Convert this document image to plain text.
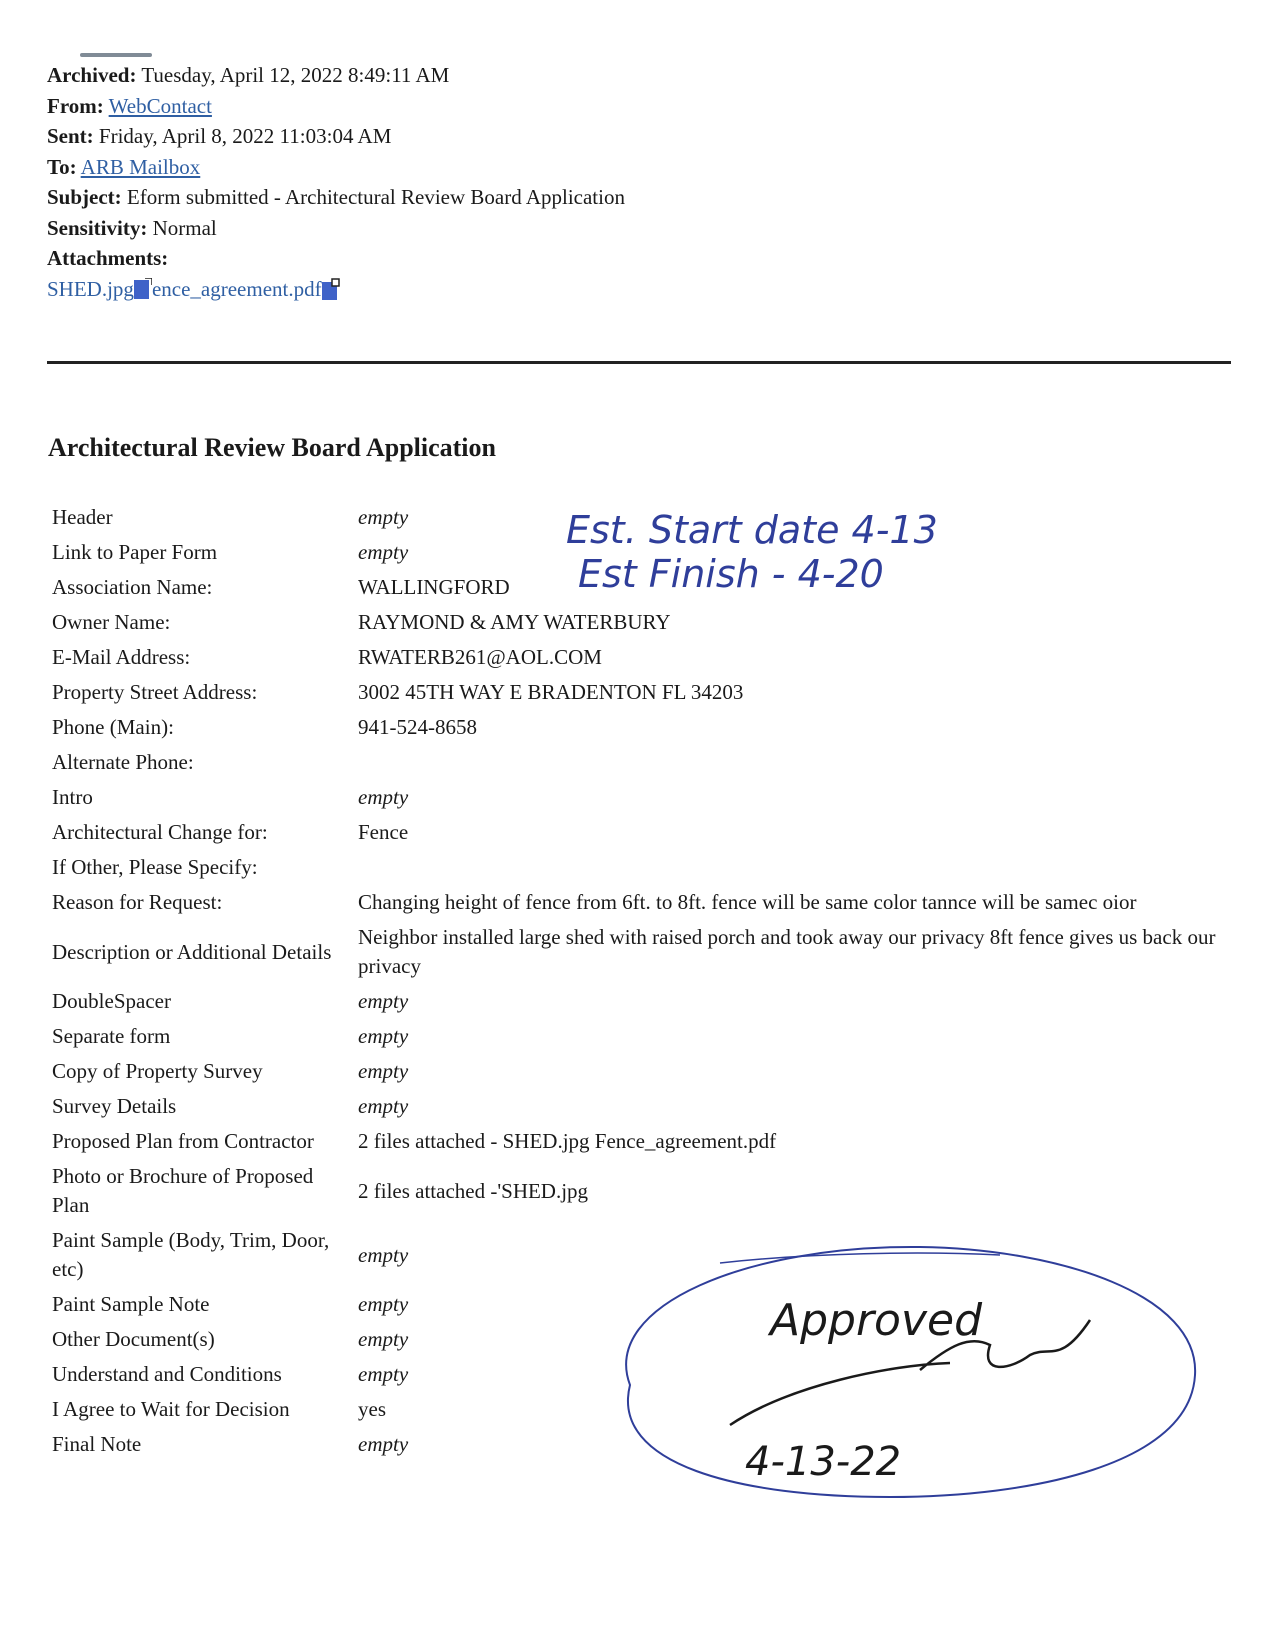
Archived: Tuesday, April 12, 2022 8:49:11 AM
From: WebContact
Sent: Friday, April 8, 2022 11:03:04 AM
To: ARB Mailbox
Subject: Eform submitted - Architectural Review Board Application
Sensitivity: Normal
Attachments:
SHED.jpg ence_agreement.pdf
Architectural Review Board Application
Header	empty
Link to Paper Form	empty
Association Name:	WALLINGFORD
Owner Name:	RAYMOND & AMY WATERBURY
E-Mail Address:	RWATERB261@AOL.COM
Property Street Address:	3002 45TH WAY E BRADENTON FL 34203
Phone (Main):	941-524-8658
Alternate Phone:	
Intro	empty
Architectural Change for:	Fence
If Other, Please Specify:	
Reason for Request:	Changing height of fence from 6ft. to 8ft. fence will be same color tannce will be samec oior
Description or Additional Details	Neighbor installed large shed with raised porch and took away our privacy 8ft fence gives us back our privacy
DoubleSpacer	empty
Separate form	empty
Copy of Property Survey	empty
Survey Details	empty
Proposed Plan from Contractor	2 files attached - SHED.jpg Fence_agreement.pdf
Photo or Brochure of Proposed Plan	2 files attached -'SHED.jpg
Paint Sample (Body, Trim, Door, etc)	empty
Paint Sample Note	empty
Other Document(s)	empty
Understand and Conditions	empty
I Agree to Wait for Decision	yes
Final Note	empty
Est. Start date 4-13
Est Finish - 4-20
Approved
4-13-22
